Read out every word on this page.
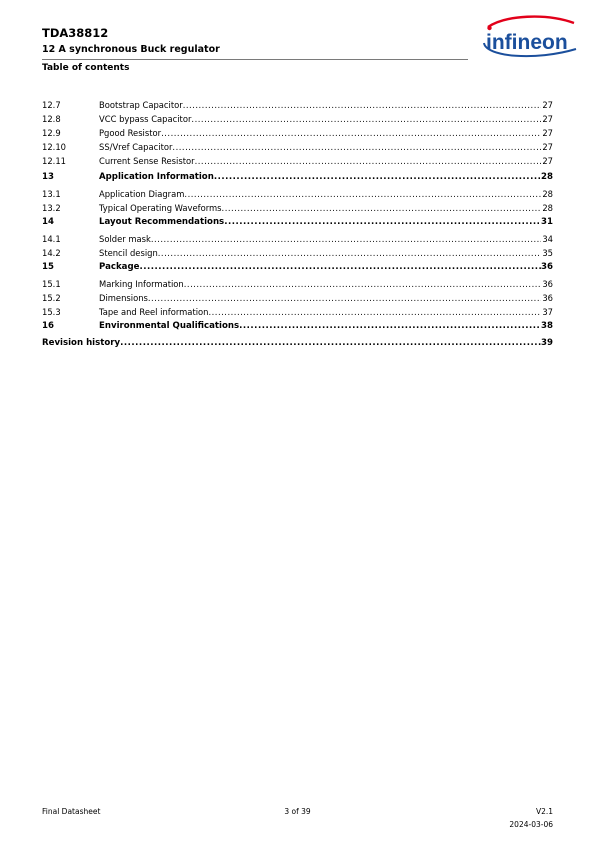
TDA38812
12 A synchronous Buck regulator
Table of contents
infineon
12.7	Bootstrap Capacitor .....	27
12.8	VCC bypass Capacitor .....	27
12.9	Pgood Resistor .....	27
12.10	SS/Vref Capacitor .....	27
12.11	Current Sense Resistor .....	27
13	Application Information .....	28
13.1	Application Diagram .....	28
13.2	Typical Operating Waveforms .....	28
14	Layout Recommendations .....	31
14.1	Solder mask .....	34
14.2	Stencil design .....	35
15	Package .....	36
15.1	Marking Information .....	36
15.2	Dimensions .....	36
15.3	Tape and Reel information .....	37
16	Environmental Qualifications .....	38
Revision history .....	39
Final Datasheet	3 of 39	V2.1
2024-03-06
